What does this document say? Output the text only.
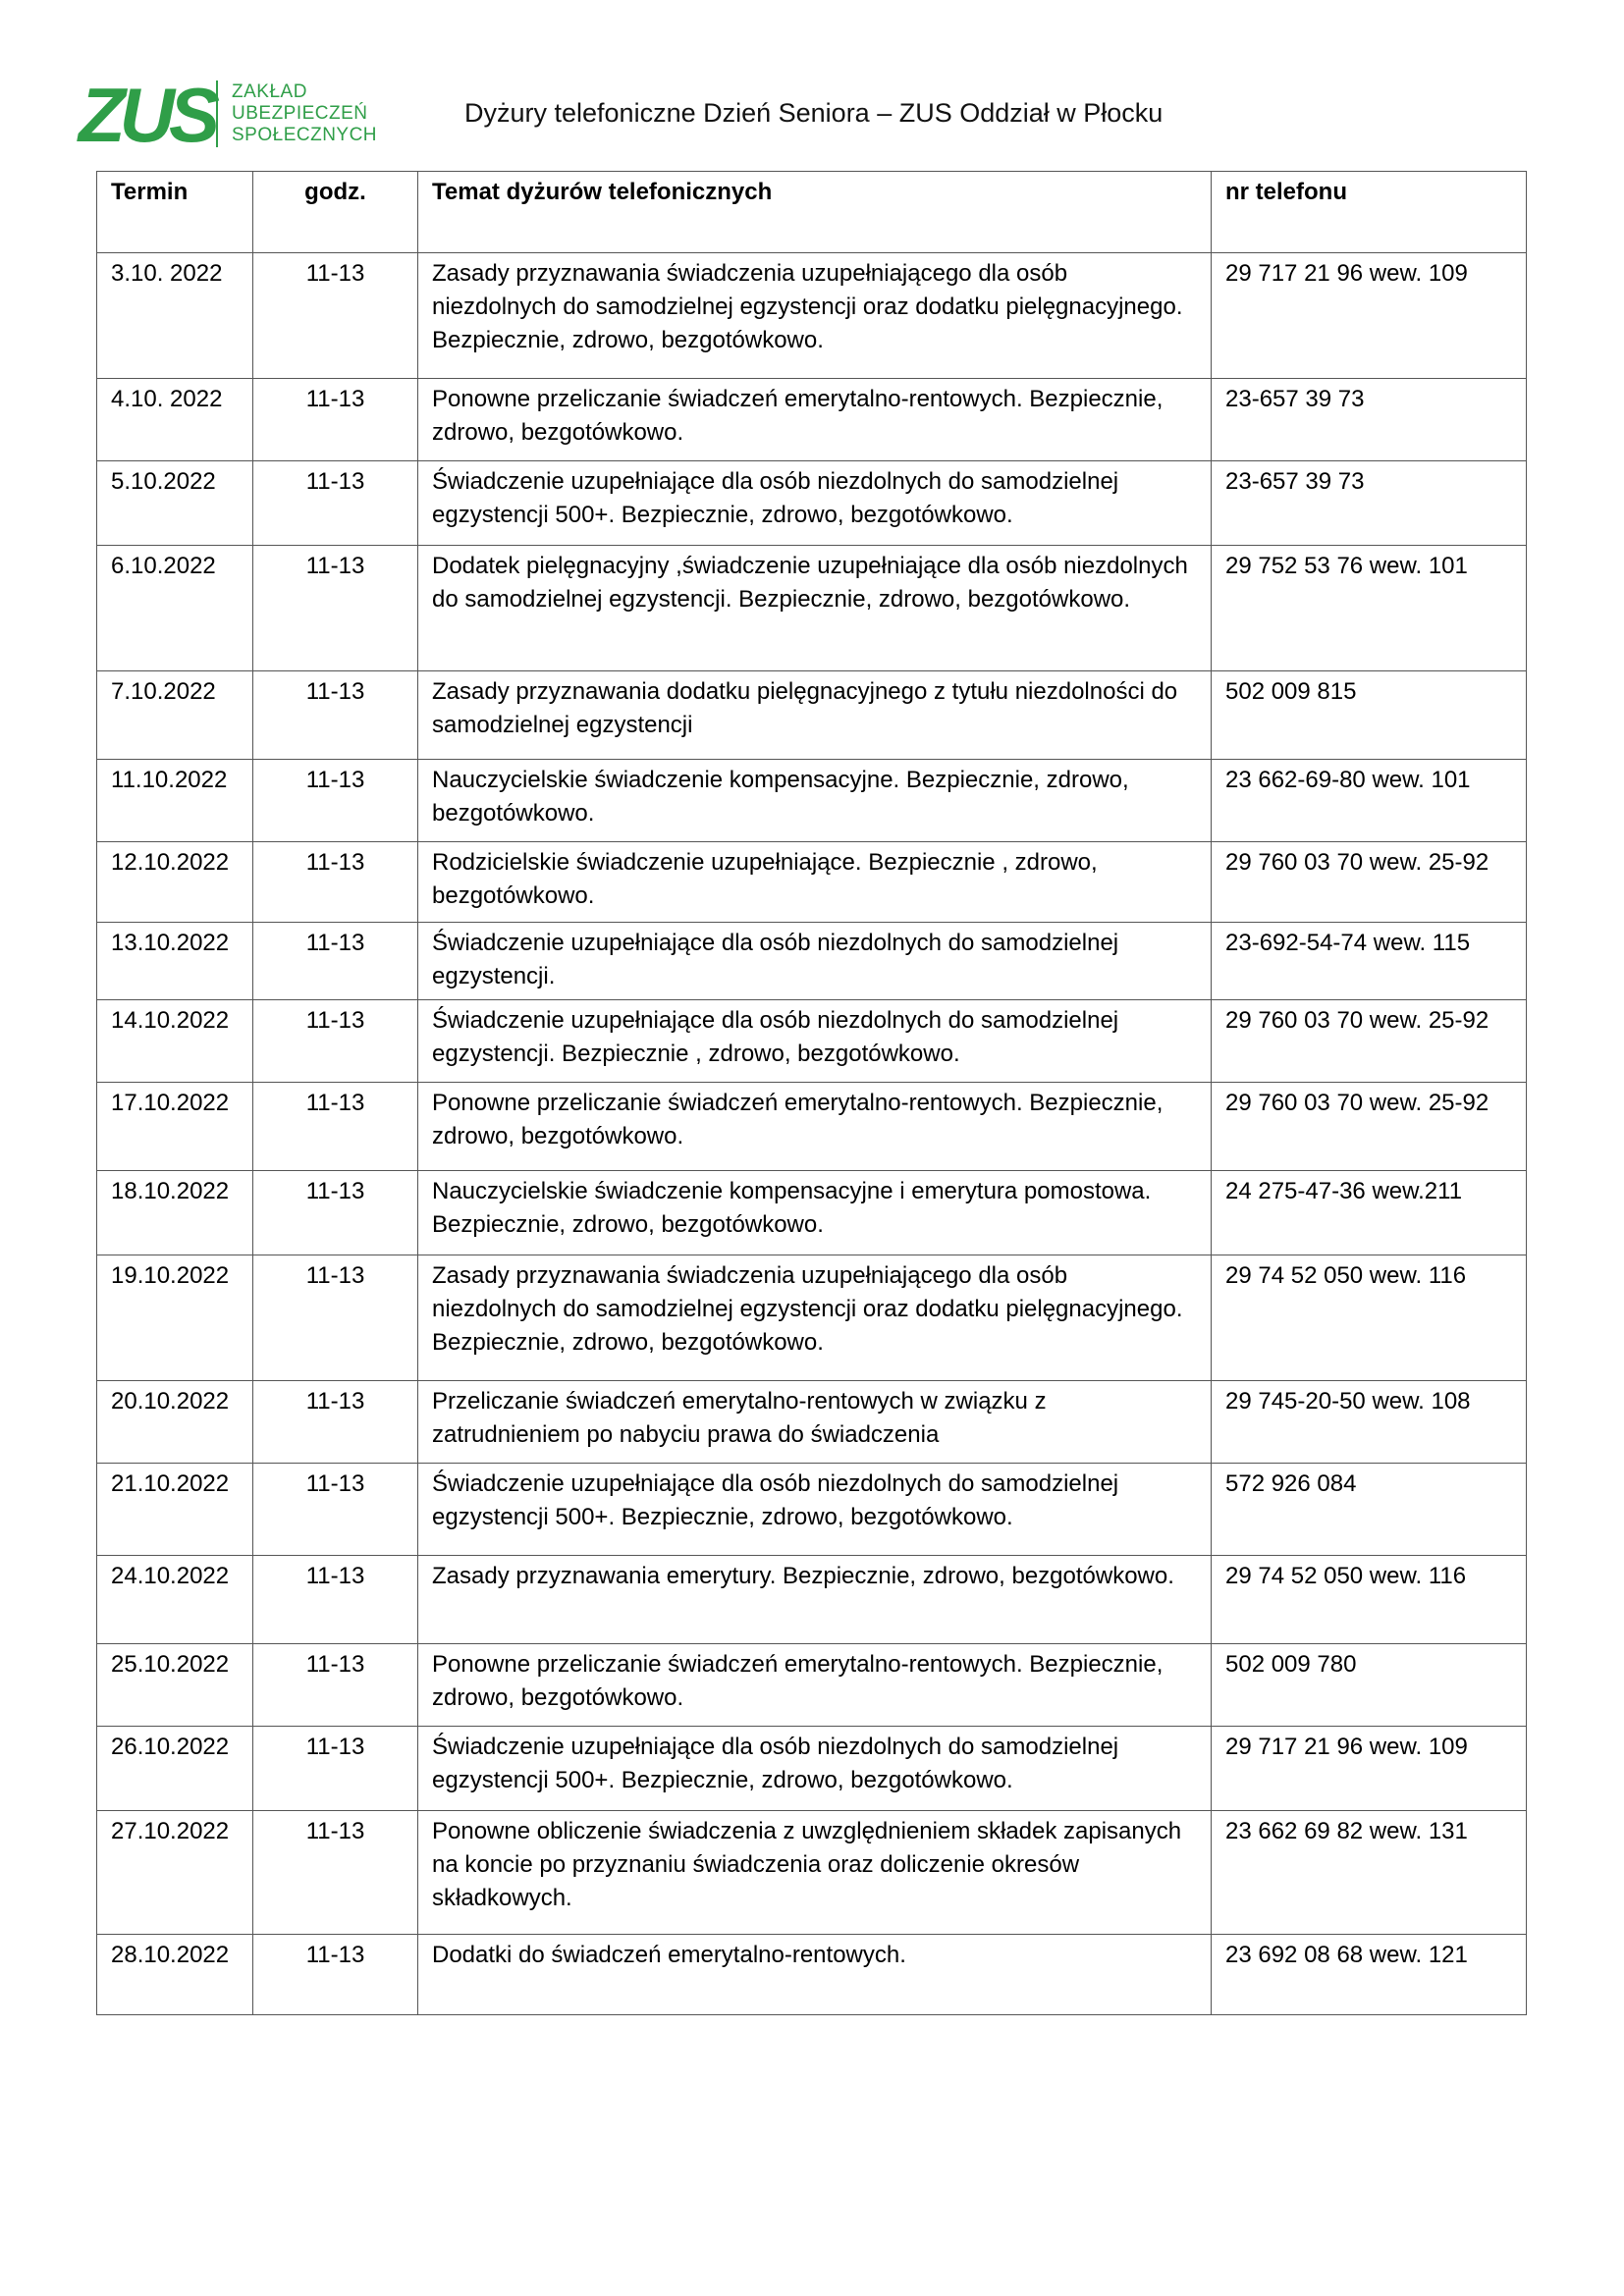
ZUS ZAKŁAD
UBEZPIECZEŃ
SPOŁECZNYCH
Dyżury telefoniczne Dzień Seniora – ZUS Oddział w Płocku
Termin	godz.	Temat dyżurów telefonicznych	nr telefonu
3.10. 2022	11-13	Zasady przyznawania świadczenia uzupełniającego dla osób niezdolnych do samodzielnej egzystencji oraz dodatku pielęgnacyjnego. Bezpiecznie, zdrowo, bezgotówkowo.	29 717 21 96 wew. 109
4.10. 2022	11-13	Ponowne przeliczanie świadczeń emerytalno-rentowych. Bezpiecznie, zdrowo, bezgotówkowo.	23-657 39 73
5.10.2022	11-13	Świadczenie uzupełniające dla osób niezdolnych do samodzielnej egzystencji 500+. Bezpiecznie, zdrowo, bezgotówkowo.	23-657 39 73
6.10.2022	11-13	Dodatek pielęgnacyjny ,świadczenie uzupełniające dla osób niezdolnych do samodzielnej egzystencji. Bezpiecznie, zdrowo, bezgotówkowo.	29 752 53 76 wew. 101
7.10.2022	11-13	Zasady przyznawania dodatku pielęgnacyjnego z tytułu niezdolności do samodzielnej egzystencji	502 009 815
11.10.2022	11-13	Nauczycielskie świadczenie kompensacyjne. Bezpiecznie, zdrowo, bezgotówkowo.	23 662-69-80 wew. 101
12.10.2022	11-13	Rodzicielskie świadczenie uzupełniające. Bezpiecznie , zdrowo, bezgotówkowo.	29 760 03 70 wew. 25-92
13.10.2022	11-13	Świadczenie uzupełniające dla osób niezdolnych do samodzielnej egzystencji.	23-692-54-74 wew. 115
14.10.2022	11-13	Świadczenie uzupełniające dla osób niezdolnych do samodzielnej egzystencji. Bezpiecznie , zdrowo, bezgotówkowo.	29 760 03 70 wew. 25-92
17.10.2022	11-13	Ponowne przeliczanie świadczeń emerytalno-rentowych. Bezpiecznie, zdrowo, bezgotówkowo.	29 760 03 70 wew. 25-92
18.10.2022	11-13	Nauczycielskie świadczenie kompensacyjne i emerytura pomostowa. Bezpiecznie, zdrowo, bezgotówkowo.	24 275-47-36 wew.211
19.10.2022	11-13	Zasady przyznawania świadczenia uzupełniającego dla osób niezdolnych do samodzielnej egzystencji oraz dodatku pielęgnacyjnego. Bezpiecznie, zdrowo, bezgotówkowo.	29 74 52 050 wew. 116
20.10.2022	11-13	Przeliczanie świadczeń emerytalno-rentowych w związku z zatrudnieniem po nabyciu prawa do świadczenia	29 745-20-50 wew. 108
21.10.2022	11-13	Świadczenie uzupełniające dla osób niezdolnych do samodzielnej egzystencji 500+. Bezpiecznie, zdrowo, bezgotówkowo.	572 926 084
24.10.2022	11-13	Zasady przyznawania emerytury. Bezpiecznie, zdrowo, bezgotówkowo.	29 74 52 050 wew. 116
25.10.2022	11-13	Ponowne przeliczanie świadczeń emerytalno-rentowych. Bezpiecznie, zdrowo, bezgotówkowo.	502 009 780
26.10.2022	11-13	Świadczenie uzupełniające dla osób niezdolnych do samodzielnej egzystencji 500+. Bezpiecznie, zdrowo, bezgotówkowo.	29 717 21 96 wew. 109
27.10.2022	11-13	Ponowne obliczenie świadczenia z uwzględnieniem składek zapisanych na koncie po przyznaniu świadczenia oraz doliczenie okresów składkowych.	23 662 69 82 wew. 131
28.10.2022	11-13	Dodatki do świadczeń emerytalno-rentowych.	23 692 08 68 wew. 121
